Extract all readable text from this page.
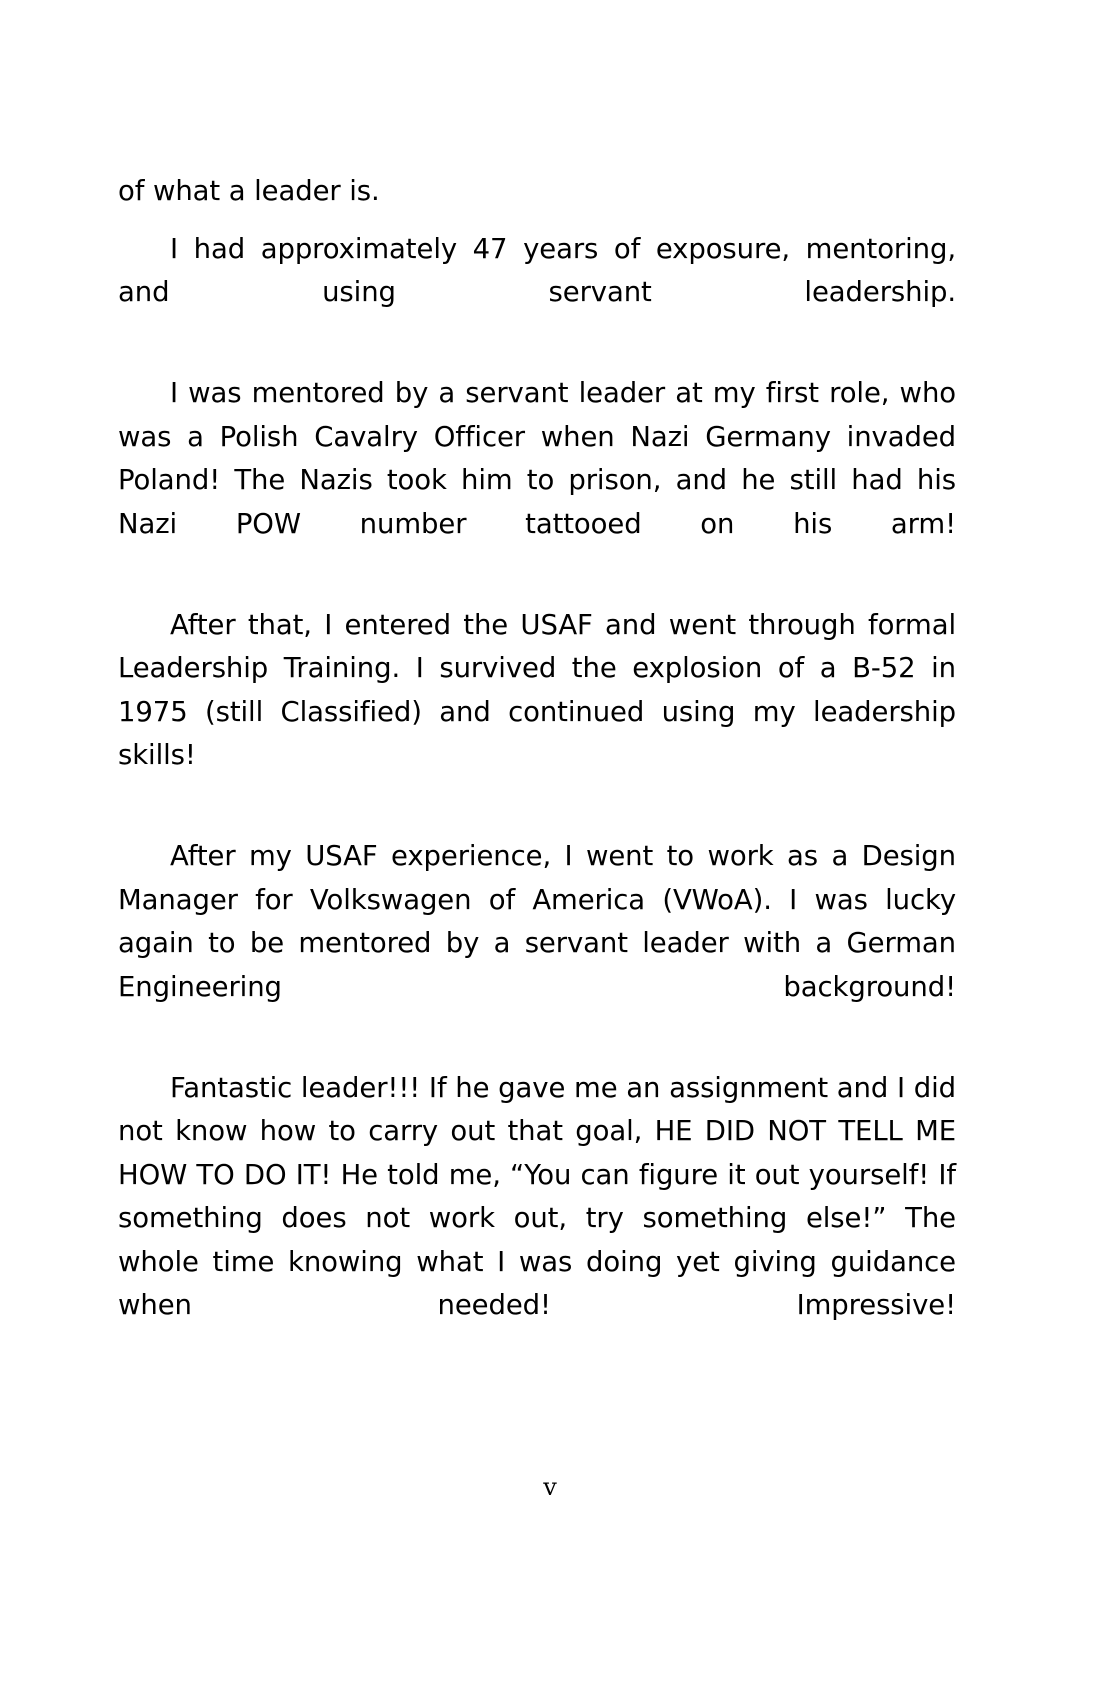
of what a leader is.

I had approximately 47 years of exposure, mentoring, and using servant leadership.

I was mentored by a servant leader at my first role, who was a Polish Cavalry Officer when Nazi Germany invaded Poland! The Nazis took him to prison, and he still had his Nazi POW number tattooed on his arm!

After that, I entered the USAF and went through formal Leadership Training. I survived the explosion of a B-52 in 1975 (still Classified) and continued using my leadership skills!

After my USAF experience, I went to work as a Design Manager for Volkswagen of America (VWoA). I was lucky again to be mentored by a servant leader with a German Engineering background!

Fantastic leader!!! If he gave me an assignment and I did not know how to carry out that goal, HE DID NOT TELL ME HOW TO DO IT! He told me, “You can figure it out yourself! If something does not work out, try something else!” The whole time knowing what I was doing yet giving guidance when needed! Impressive!

v
